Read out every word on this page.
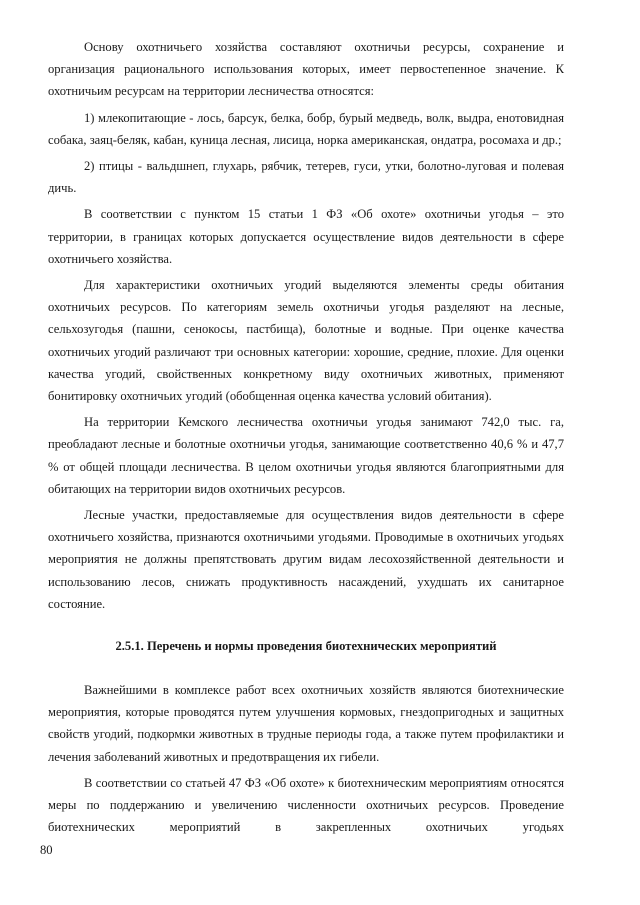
Основу охотничьего хозяйства составляют охотничьи ресурсы, сохранение и организация рационального использования которых, имеет первостепенное значение. К охотничьим ресурсам на территории лесничества относятся:

1) млекопитающие - лось, барсук, белка, бобр, бурый медведь, волк, выдра, енотовидная собака, заяц-беляк, кабан, куница лесная, лисица, норка американская, ондатра, росомаха и др.;

2) птицы - вальдшнеп, глухарь, рябчик, тетерев, гуси, утки, болотно-луговая и полевая дичь.

В соответствии с пунктом 15 статьи 1 ФЗ «Об охоте» охотничьи угодья – это территории, в границах которых допускается осуществление видов деятельности в сфере охотничьего хозяйства.

Для характеристики охотничьих угодий выделяются элементы среды обитания охотничьих ресурсов. По категориям земель охотничьи угодья разделяют на лесные, сельхозугодья (пашни, сенокосы, пастбища), болотные и водные. При оценке качества охотничьих угодий различают три основных категории: хорошие, средние, плохие. Для оценки качества угодий, свойственных конкретному виду охотничьих животных, применяют бонитировку охотничьих угодий (обобщенная оценка качества условий обитания).

На территории Кемского лесничества охотничьи угодья занимают 742,0 тыс. га, преобладают лесные и болотные охотничьи угодья, занимающие соответственно 40,6 % и 47,7 % от общей площади лесничества. В целом охотничьи угодья являются благоприятными для обитающих на территории видов охотничьих ресурсов.

Лесные участки, предоставляемые для осуществления видов деятельности в сфере охотничьего хозяйства, признаются охотничьими угодьями. Проводимые в охотничьих угодьях мероприятия не должны препятствовать другим видам лесохозяйственной деятельности и использованию лесов, снижать продуктивность насаждений, ухудшать их санитарное состояние.

2.5.1. Перечень и нормы проведения биотехнических мероприятий

Важнейшими в комплексе работ всех охотничьих хозяйств являются биотехнические мероприятия, которые проводятся путем улучшения кормовых, гнездопригодных и защитных свойств угодий, подкормки животных в трудные периоды года, а также путем профилактики и лечения заболеваний животных и предотвращения их гибели.

В соответствии со статьей 47 ФЗ «Об охоте» к биотехническим мероприятиям относятся меры по поддержанию и увеличению численности охотничьих ресурсов. Проведение биотехнических мероприятий в закрепленных охотничьих угодьях

80
